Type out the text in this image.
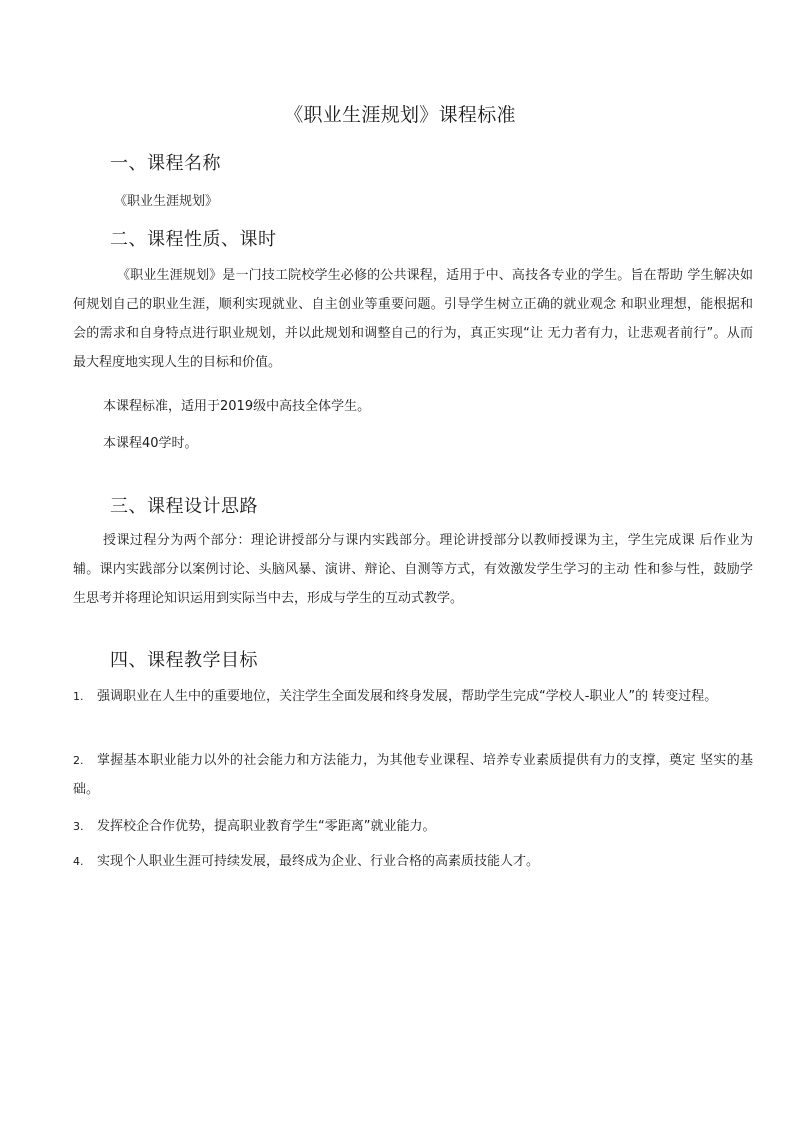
《职业生涯规划》课程标准
一、课程名称
《职业生涯规划》
二、课程性质、课时
《职业生涯规划》是一门技工院校学生必修的公共课程，适用于中、高技各专业的学生。旨在帮助 学生解决如何规划自己的职业生涯，顺利实现就业、自主创业等重要问题。引导学生树立正确的就业观念 和职业理想，能根据和会的需求和自身特点进行职业规划，并以此规划和调整自己的行为，真正实现“让 无力者有力，让悲观者前行”。从而最大程度地实现人生的目标和价值。
本课程标准，适用于2019级中高技全体学生。
本课程40学时。
三、课程设计思路
授课过程分为两个部分：理论讲授部分与课内实践部分。理论讲授部分以教师授课为主，学生完成课 后作业为辅。课内实践部分以案例讨论、头脑风暴、演讲、辩论、自测等方式，有效激发学生学习的主动 性和参与性，鼓励学生思考并将理论知识运用到实际当中去，形成与学生的互动式教学。
四、课程教学目标
1.	强调职业在人生中的重要地位，关注学生全面发展和终身发展，帮助学生完成“学校人-职业人”的 转变过程。
2.	掌握基本职业能力以外的社会能力和方法能力，为其他专业课程、培养专业素质提供有力的支撑，奠定 坚实的基础。
3.	发挥校企合作优势，提高职业教育学生“零距离”就业能力。
4.	实现个人职业生涯可持续发展，最终成为企业、行业合格的高素质技能人才。
